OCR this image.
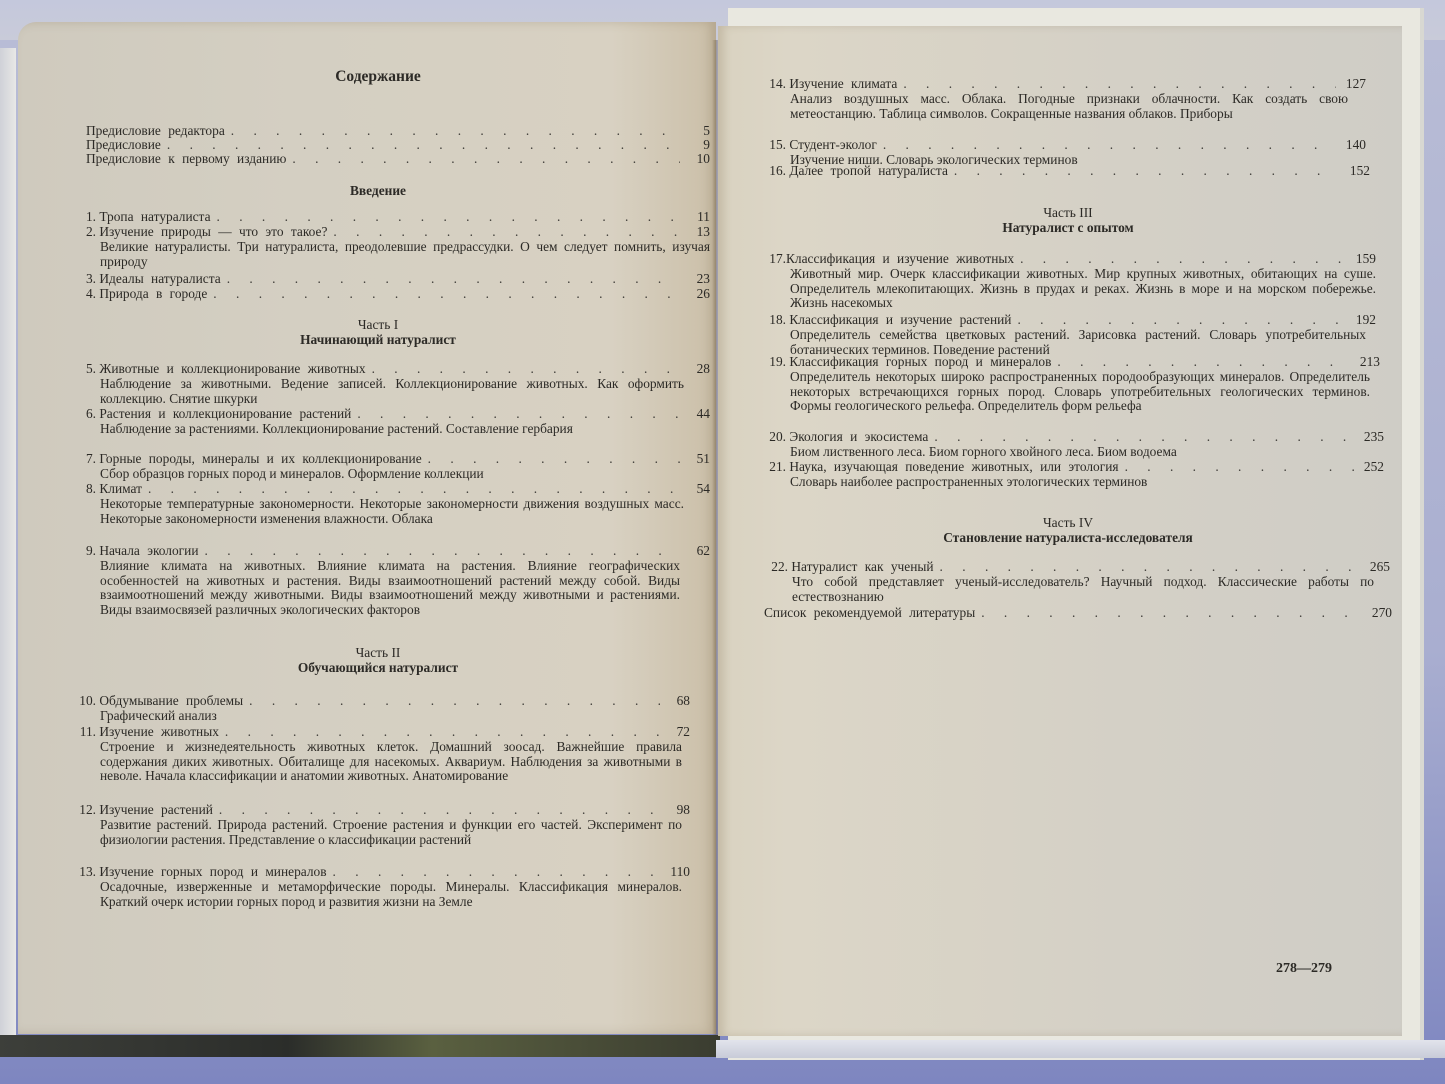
Содержание
Предисловие редактора . . .	5
Предисловие . . .	9
Предисловие к первому изданию . . .	10
Введение
1.
Тропа натуралиста . . .	11
2.
Изучение природы — что это такое? . . .	13
Великие натуралисты. Три натуралиста, преодолевшие предрассудки. О чем следует помнить, изучая природу
3.
Идеалы натуралиста . . .	23
4.
Природа в городе . . .	26
Часть I
Начинающий натуралист
5.
Животные и коллекционирование животных . . .	28
Наблюдение за животными. Ведение записей. Коллекционирование животных. Как оформить коллекцию. Снятие шкурки
6.
Растения и коллекционирование растений . . .	44
Наблюдение за растениями. Коллекционирование растений. Составление гербария
7.
Горные породы, минералы и их коллекционирование . . .	51
Сбор образцов горных пород и минералов. Оформление коллекции
8.
Климат . . .	54
Некоторые температурные закономерности. Некоторые закономерности движения воздушных масс. Некоторые закономерности изменения влажности. Облака
9.
Начала экологии . . .	62
Влияние климата на животных. Влияние климата на растения. Влияние географических особенностей на животных и растения. Виды взаимоотношений растений между собой. Виды взаимоотношений между животными. Виды взаимоотношений между животными и растениями. Виды взаимосвязей различных экологических факторов
Часть II
Обучающийся натуралист
10.
Обдумывание проблемы . . .	68
Графический анализ
11.
Изучение животных . . .	72
Строение и жизнедеятельность животных клеток. Домашний зоосад. Важнейшие правила содержания диких животных. Обиталище для насекомых. Аквариум. Наблюдения за животными в неволе. Начала классификации и анатомии животных. Анатомирование
12.
Изучение растений . . .	98
Развитие растений. Природа растений. Строение растения и функции его частей. Эксперимент по физиологии растения. Представление о классификации растений
13.
Изучение горных пород и минералов . . .	110
Осадочные, изверженные и метаморфические породы. Минералы. Классификация минералов. Краткий очерк истории горных пород и развития жизни на Земле
14.
Изучение климата . . .	127
Анализ воздушных масс. Облака. Погодные признаки облачности. Как создать свою метеостанцию. Таблица символов. Сокращенные названия облаков. Приборы
15.
Студент-эколог . . .	140
Изучение ниши. Словарь экологических терминов
16.
Далее тропой натуралиста . . .	152
Часть III
Натуралист с опытом
17. Классификация и изучение животных . . .	159
Животный мир. Очерк классификации животных. Мир крупных животных, обитающих на суше. Определитель млекопитающих. Жизнь в прудах и реках. Жизнь в море и на морском побережье. Жизнь насекомых
18.
Классификация и изучение растений . . .	192
Определитель семейства цветковых растений. Зарисовка растений. Словарь употребительных ботанических терминов. Поведение растений
19.
Классификация горных пород и минералов . . .	213
Определитель некоторых широко распространенных породообразующих минералов. Определитель некоторых встречающихся горных пород. Словарь употребительных геологических терминов. Формы геологического рельефа. Определитель форм рельефа
20.
Экология и экосистема . . .	235
Биом лиственного леса. Биом горного хвойного леса. Биом водоема
21.
Наука, изучающая поведение животных, или этология . . .	252
Словарь наиболее распространенных этологических терминов
Часть IV
Становление натуралиста-исследователя
22.
Натуралист как ученый . . .	265
Что собой представляет ученый-исследователь? Научный подход. Классические работы по естествознанию
Список рекомендуемой литературы . . .	270
278—279
